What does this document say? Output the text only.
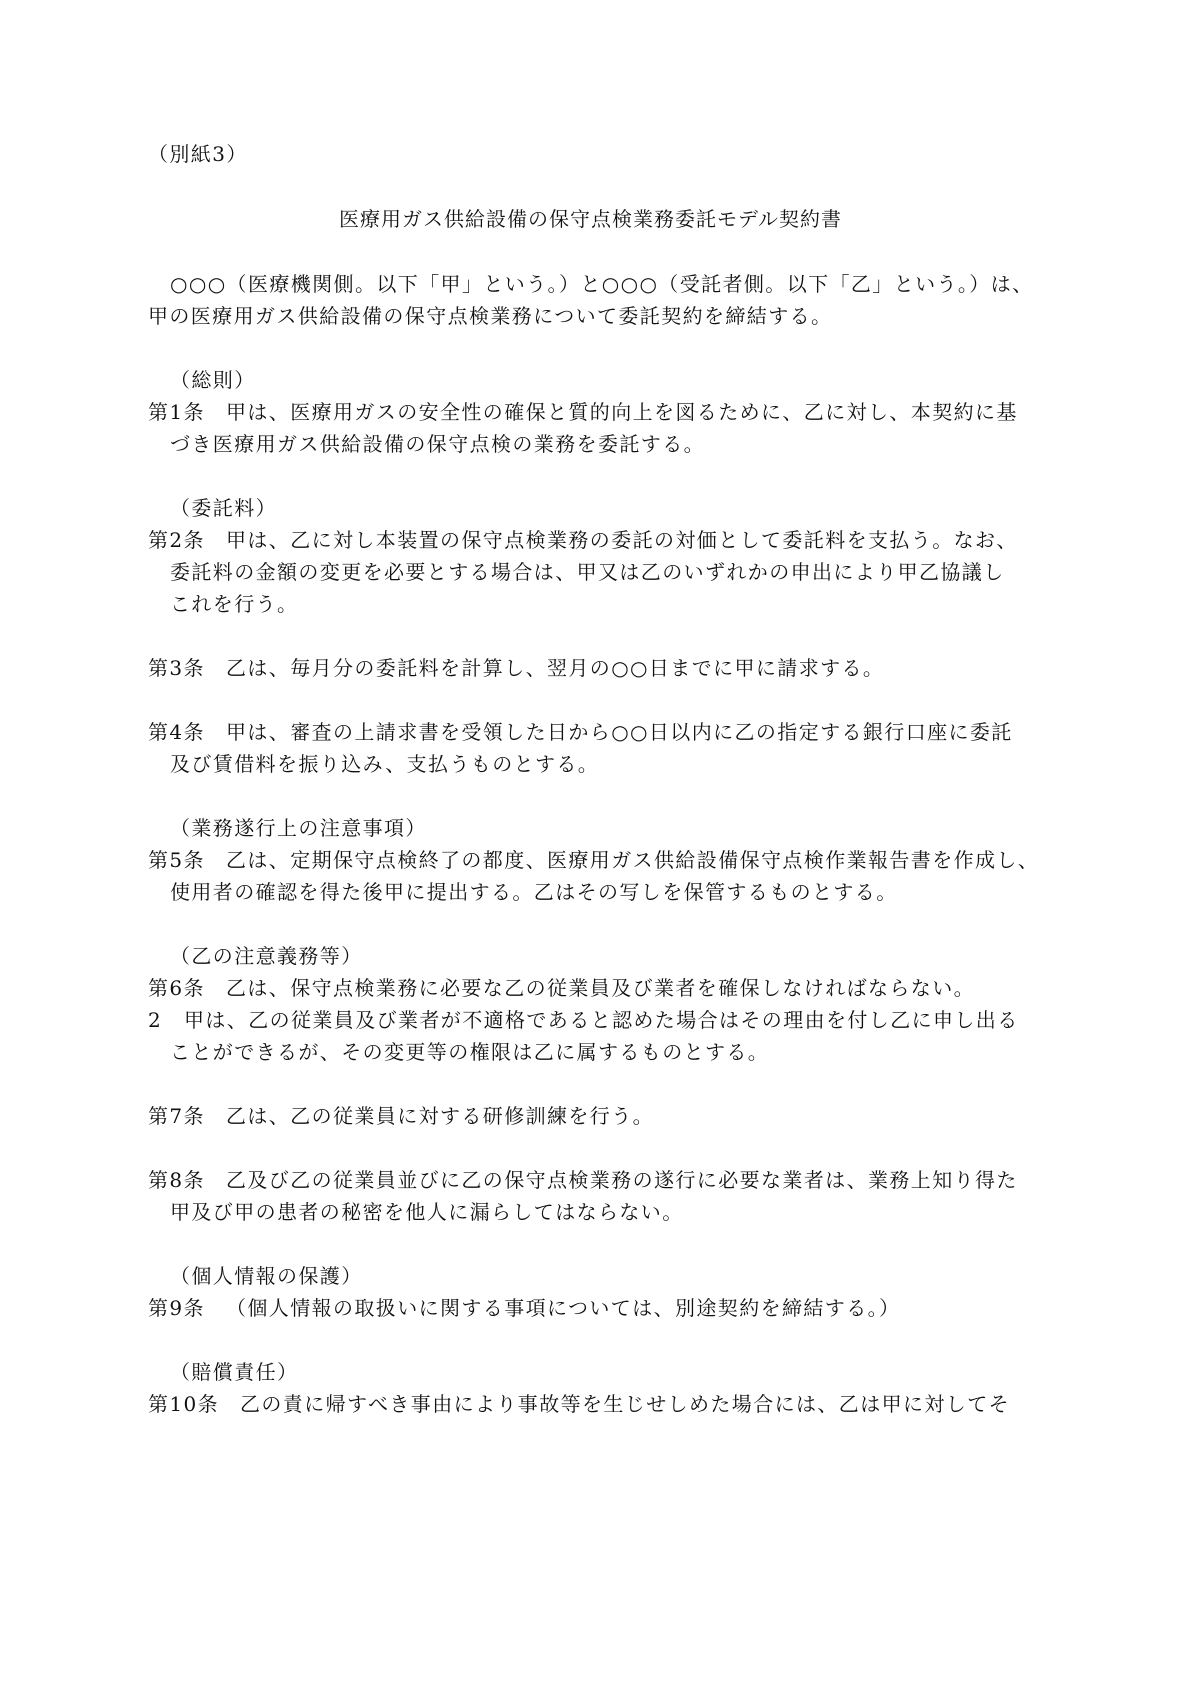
（別紙3）
医療用ガス供給設備の保守点検業務委託モデル契約書
○○○（医療機関側。以下「甲」という。）と○○○（受託者側。以下「乙」という。）は、
甲の医療用ガス供給設備の保守点検業務について委託契約を締結する。
（総則）
第1条 甲は、医療用ガスの安全性の確保と質的向上を図るために、乙に対し、本契約に基
づき医療用ガス供給設備の保守点検の業務を委託する。
（委託料）
第2条 甲は、乙に対し本装置の保守点検業務の委託の対価として委託料を支払う。なお、
委託料の金額の変更を必要とする場合は、甲又は乙のいずれかの申出により甲乙協議し
これを行う。
第3条 乙は、毎月分の委託料を計算し、翌月の○○日までに甲に請求する。
第4条 甲は、審査の上請求書を受領した日から○○日以内に乙の指定する銀行口座に委託
及び賃借料を振り込み、支払うものとする。
（業務遂行上の注意事項）
第5条 乙は、定期保守点検終了の都度、医療用ガス供給設備保守点検作業報告書を作成し、
使用者の確認を得た後甲に提出する。乙はその写しを保管するものとする。
（乙の注意義務等）
第6条 乙は、保守点検業務に必要な乙の従業員及び業者を確保しなければならない。
2 甲は、乙の従業員及び業者が不適格であると認めた場合はその理由を付し乙に申し出る
ことができるが、その変更等の権限は乙に属するものとする。
第7条 乙は、乙の従業員に対する研修訓練を行う。
第8条 乙及び乙の従業員並びに乙の保守点検業務の遂行に必要な業者は、業務上知り得た
甲及び甲の患者の秘密を他人に漏らしてはならない。
（個人情報の保護）
第9条 （個人情報の取扱いに関する事項については、別途契約を締結する。）
（賠償責任）
第10条 乙の責に帰すべき事由により事故等を生じせしめた場合には、乙は甲に対してそ
